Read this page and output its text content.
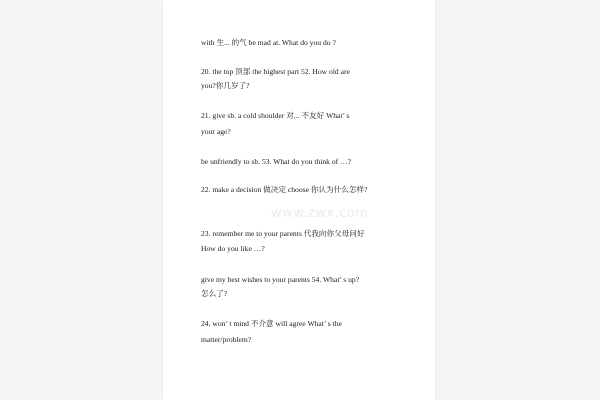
with 生... 的气 be mad at. What do you do ?
20. the top 顶部 the highest part 52. How old are
you?你几岁了?
21. give sb. a cold shoulder 对... 不友好 What’ s
your age?
be unfriendly to sb. 53. What do you think of …?
22. make a decision 做决定 choose 你认为什么怎样?
www.zwx.com
23. remember me to your parents 代我向你父母问好
How do you like …?
give my best wishes to your parents 54. What’ s up?
怎么了?
24. won’ t mind 不介意 will agree What’ s the
matter/problem?
